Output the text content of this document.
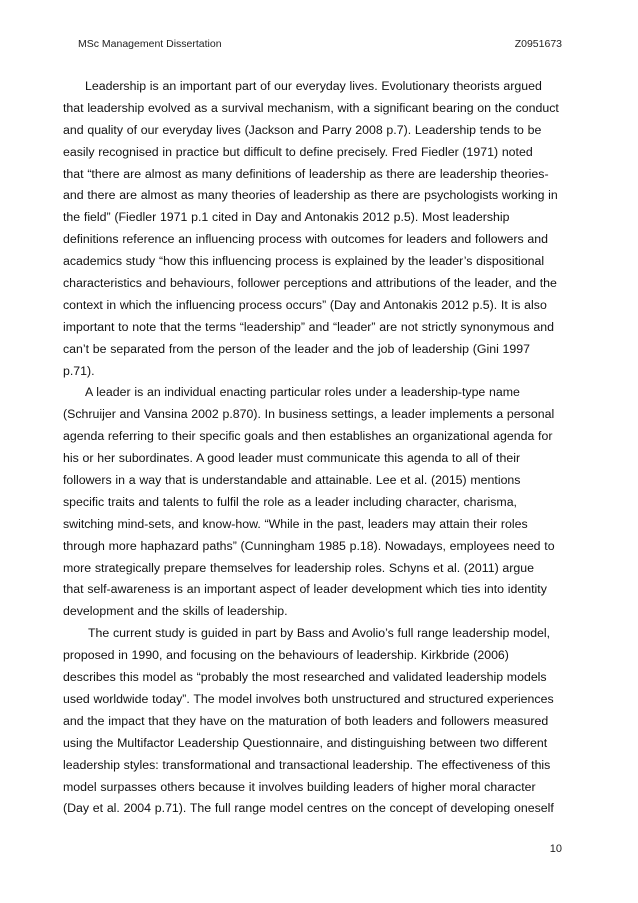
MSc Management Dissertation	Z0951673
Leadership is an important part of our everyday lives. Evolutionary theorists argued
that leadership evolved as a survival mechanism, with a significant bearing on the conduct
and quality of our everyday lives (Jackson and Parry 2008 p.7). Leadership tends to be
easily recognised in practice but difficult to define precisely. Fred Fiedler (1971) noted
that “there are almost as many definitions of leadership as there are leadership theories-
and there are almost as many theories of leadership as there are psychologists working in
the field” (Fiedler 1971 p.1 cited in Day and Antonakis 2012 p.5). Most leadership
definitions reference an influencing process with outcomes for leaders and followers and
academics study “how this influencing process is explained by the leader’s dispositional
characteristics and behaviours, follower perceptions and attributions of the leader, and the
context in which the influencing process occurs” (Day and Antonakis 2012 p.5). It is also
important to note that the terms “leadership” and “leader” are not strictly synonymous and
can’t be separated from the person of the leader and the job of leadership (Gini 1997
p.71).
A leader is an individual enacting particular roles under a leadership-type name
(Schruijer and Vansina 2002 p.870). In business settings, a leader implements a personal
agenda referring to their specific goals and then establishes an organizational agenda for
his or her subordinates. A good leader must communicate this agenda to all of their
followers in a way that is understandable and attainable. Lee et al. (2015) mentions
specific traits and talents to fulfil the role as a leader including character, charisma,
switching mind-sets, and know-how. “While in the past, leaders may attain their roles
through more haphazard paths” (Cunningham 1985 p.18). Nowadays, employees need to
more strategically prepare themselves for leadership roles. Schyns et al. (2011) argue
that self-awareness is an important aspect of leader development which ties into identity
development and the skills of leadership.
The current study is guided in part by Bass and Avolio’s full range leadership model,
proposed in 1990, and focusing on the behaviours of leadership. Kirkbride (2006)
describes this model as “probably the most researched and validated leadership models
used worldwide today”. The model involves both unstructured and structured experiences
and the impact that they have on the maturation of both leaders and followers measured
using the Multifactor Leadership Questionnaire, and distinguishing between two different
leadership styles: transformational and transactional leadership. The effectiveness of this
model surpasses others because it involves building leaders of higher moral character
(Day et al. 2004 p.71). The full range model centres on the concept of developing oneself
10
